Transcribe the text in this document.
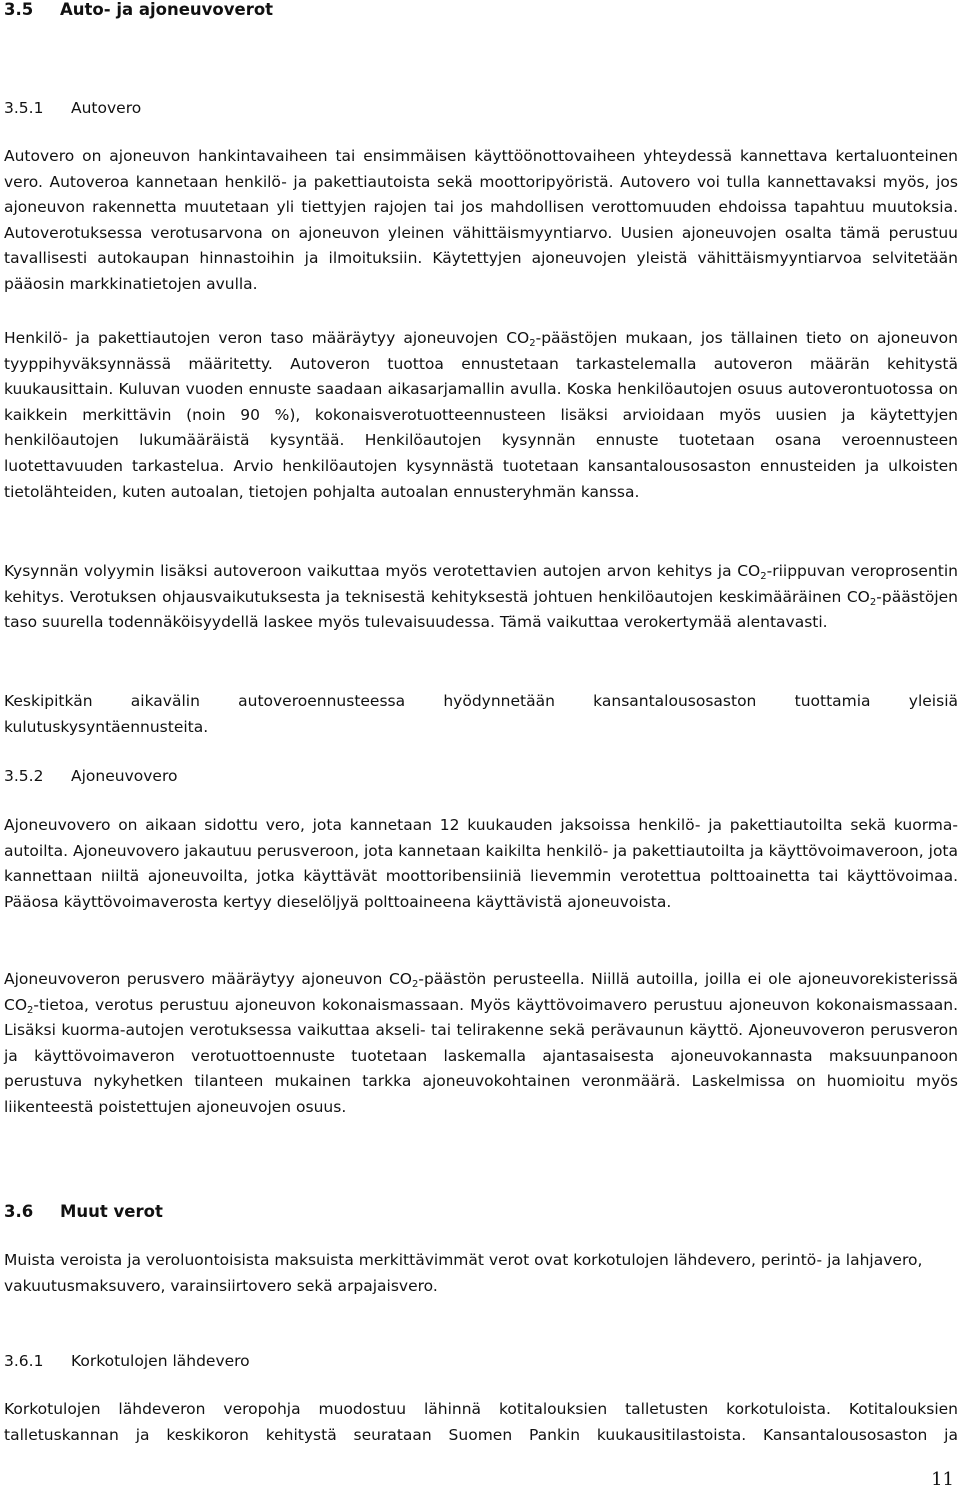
3.5 Auto- ja ajoneuvoverot
3.5.1 Autovero

Autovero on ajoneuvon hankintavaiheen tai ensimmäisen käyttöönottovaiheen yhteydessä kannettava kertaluonteinen vero. Autoveroa kannetaan henkilö- ja pakettiautoista sekä moottoripyöristä. Autovero voi tulla kannettavaksi myös, jos ajoneuvon rakennetta muutetaan yli tiettyjen rajojen tai jos mahdollisen verottomuuden ehdoissa tapahtuu muutoksia. Autoverotuksessa verotusarvona on ajoneuvon yleinen vähittäismyyntiarvo. Uusien ajoneuvojen osalta tämä perustuu tavallisesti autokaupan hinnastoihin ja ilmoituksiin. Käytettyjen ajoneuvojen yleistä vähittäismyyntiarvoa selvitetään pääosin markkinatietojen avulla.

Henkilö- ja pakettiautojen veron taso määräytyy ajoneuvojen $CO_2$-päästöjen mukaan, jos tällainen tieto on ajoneuvon tyyppihyväksynnässä määritetty. Autoveron tuottoa ennustetaan tarkastelemalla autoveron määrän kehitystä kuukausittain. Kuluvan vuoden ennuste saadaan aikasarjamallin avulla. Koska henkilöautojen osuus autoverontuotossa on kaikkein merkittävin (noin 90 %), kokonaisverotuotteennusteen lisäksi arvioidaan myös uusien ja käytettyjen henkilöautojen lukumääräistä kysyntää. Henkilöautojen kysynnän ennuste tuotetaan osana veroennusteen luotettavuuden tarkastelua. Arvio henkilöautojen kysynnästä tuotetaan kansantalousosaston ennusteiden ja ulkoisten tietolähteiden, kuten autoalan, tietojen pohjalta autoalan ennusteryhmän kanssa.

Kysynnän volyymin lisäksi autoveroon vaikuttaa myös verotettavien autojen arvon kehitys ja $CO_2$-riippuvan veroprosentin kehitys. Verotuksen ohjausvaikutuksesta ja teknisestä kehityksestä johtuen henkilöautojen keskimääräinen $CO_2$-päästöjen taso suurella todennäköisyydellä laskee myös tulevaisuudessa. Tämä vaikuttaa verokertymää alentavasti.

Keskipitkän aikavälin autoveroennusteessa hyödynnetään kansantalousosaston tuottamia yleisiä kulutuskysyntäennusteita.

3.5.2 Ajoneuvovero

Ajoneuvovero on aikaan sidottu vero, jota kannetaan 12 kuukauden jaksoissa henkilö- ja pakettiautoilta sekä kuorma-autoilta. Ajoneuvovero jakautuu perusveroon, jota kannetaan kaikilta henkilö- ja pakettiautoilta ja käyttövoimaveroon, jota kannettaan niiltä ajoneuvoilta, jotka käyttävät moottoribensiiniä lievemmin verotettua polttoainetta tai käyttövoimaa. Pääosa käyttövoimaverosta kertyy dieselöljyä polttoaineena käyttävistä ajoneuvoista.

Ajoneuvoveron perusvero määräytyy ajoneuvon $CO_2$-päästön perusteella. Niillä autoilla, joilla ei ole ajoneuvorekisterissä $CO_2$-tietoa, verotus perustuu ajoneuvon kokonaismassaan. Myös käyttövoimavero perustuu ajoneuvon kokonaismassaan. Lisäksi kuorma-autojen verotuksessa vaikuttaa akseli- tai telirakenne sekä perävaunun käyttö. Ajoneuvoveron perusveron ja käyttövoimaveron verotuottoennuste tuotetaan laskemalla ajantasaisesta ajoneuvokannasta maksuunpanoon perustuva nykyhetken tilanteen mukainen tarkka ajoneuvokohtainen veronmäärä. Laskelmissa on huomioitu myös liikenteestä poistettujen ajoneuvojen osuus.

3.6 Muut verot

Muista veroista ja veroluontoisista maksuista merkittävimmät verot ovat korkotulojen lähdevero, perintö- ja lahjavero, vakuutusmaksuvero, varainsiirtovero sekä arpajaisvero.

3.6.1 Korkotulojen lähdevero

Korkotulojen lähdeveron veropohja muodostuu lähinnä kotitalouksien talletusten korkotuloista. Kotitalouksien talletuskannan ja keskikoron kehitystä seurataan Suomen Pankin kuukausitilastoista. Kansantalousosaston ja

11
